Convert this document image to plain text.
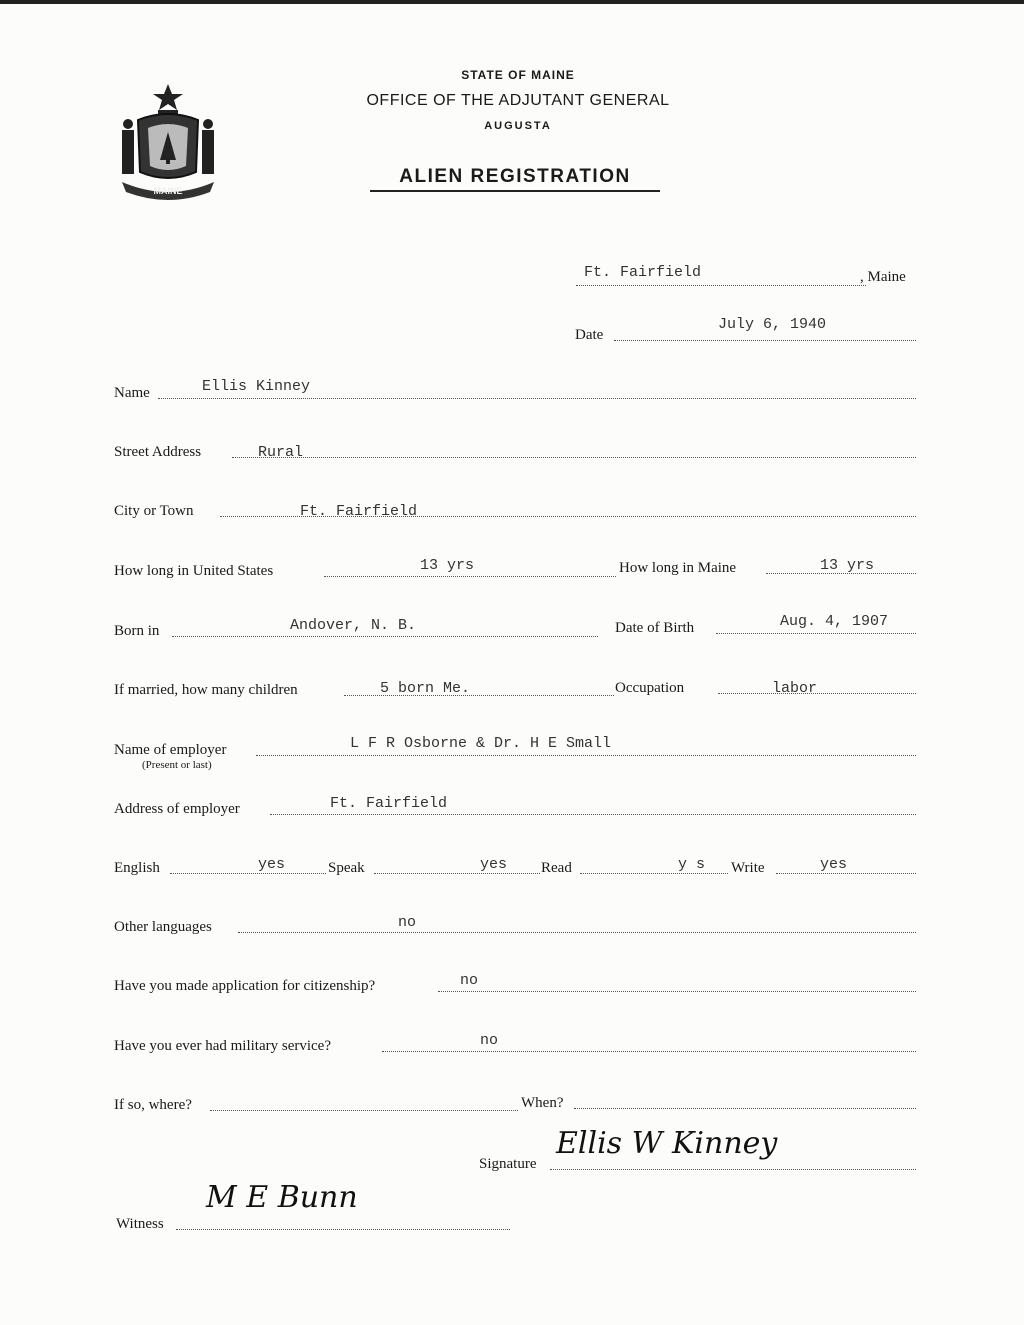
MAINE
STATE OF MAINE
OFFICE OF THE ADJUTANT GENERAL
AUGUSTA
ALIEN REGISTRATION
Ft. Fairfield	, Maine
Date
July 6, 1940
Name	Ellis Kinney
Street Address	Rural
City or Town	Ft. Fairfield
How long in United States	13 yrs	How long in Maine	13 yrs
Born in	Andover, N. B.	Date of Birth	Aug. 4, 1907
If married, how many children	5 born Me.	Occupation	labor
Name of employer
(Present or last)
L F R Osborne & Dr. H E Small
Address of employer	Ft. Fairfield
English	yes	Speak	yes Read	y s Write	yes
Other languages	no
Have you made application for citizenship?	no
Have you ever had military service?	no
If so, where?	When?
Signature
Ellis W Kinney
Witness
M E Bunn
